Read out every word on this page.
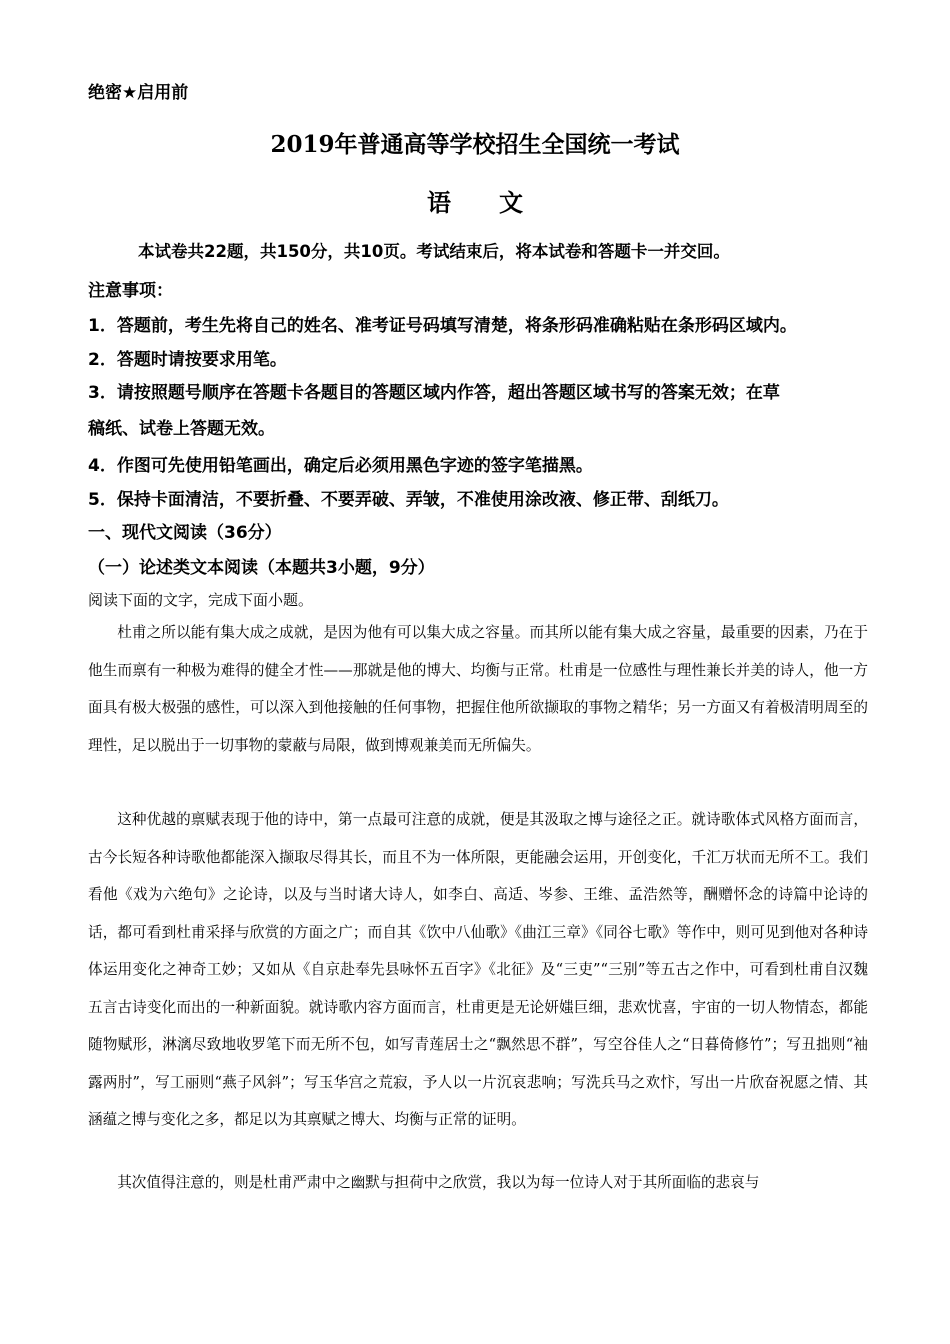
绝密★启用前
2019年普通高等学校招生全国统一考试
语　　文
本试卷共22题，共150分，共10页。考试结束后，将本试卷和答题卡一并交回。
注意事项：
1．答题前，考生先将自己的姓名、准考证号码填写清楚，将条形码准确粘贴在条形码区域内。
2．答题时请按要求用笔。
3．请按照题号顺序在答题卡各题目的答题区域内作答，超出答题区域书写的答案无效；在草
稿纸、试卷上答题无效。
4．作图可先使用铅笔画出，确定后必须用黑色字迹的签字笔描黑。
5．保持卡面清洁，不要折叠、不要弄破、弄皱，不准使用涂改液、修正带、刮纸刀。
一、现代文阅读（36分）
（一）论述类文本阅读（本题共3小题，9分）
阅读下面的文字，完成下面小题。

杜甫之所以能有集大成之成就，是因为他有可以集大成之容量。而其所以能有集大成之容量，最重要的因素，乃在于他生而禀有一种极为难得的健全才性——那就是他的博大、均衡与正常。杜甫是一位感性与理性兼长并美的诗人，他一方面具有极大极强的感性，可以深入到他接触的任何事物，把握住他所欲撷取的事物之精华；另一方面又有着极清明周至的理性，足以脱出于一切事物的蒙蔽与局限，做到博观兼美而无所偏失。

这种优越的禀赋表现于他的诗中，第一点最可注意的成就，便是其汲取之博与途径之正。就诗歌体式风格方面而言，古今长短各种诗歌他都能深入撷取尽得其长，而且不为一体所限，更能融会运用，开创变化，千汇万状而无所不工。我们看他《戏为六绝句》之论诗，以及与当时诸大诗人，如李白、高适、岑参、王维、孟浩然等，酬赠怀念的诗篇中论诗的话，都可看到杜甫采择与欣赏的方面之广；而自其《饮中八仙歌》《曲江三章》《同谷七歌》等作中，则可见到他对各种诗体运用变化之神奇工妙；又如从《自京赴奉先县咏怀五百字》《北征》及“三吏”“三别”等五古之作中，可看到杜甫自汉魏五言古诗变化而出的一种新面貌。就诗歌内容方面而言，杜甫更是无论妍媸巨细，悲欢忧喜，宇宙的一切人物情态，都能随物赋形，淋漓尽致地收罗笔下而无所不包，如写青莲居士之“飘然思不群”，写空谷佳人之“日暮倚修竹”；写丑拙则“袖露两肘”，写工丽则“燕子风斜”；写玉华宫之荒寂，予人以一片沉哀悲响；写洗兵马之欢忭，写出一片欣奋祝愿之情、其涵蕴之博与变化之多，都足以为其禀赋之博大、均衡与正常的证明。

其次值得注意的，则是杜甫严肃中之幽默与担荷中之欣赏，我以为每一位诗人对于其所面临的悲哀与
